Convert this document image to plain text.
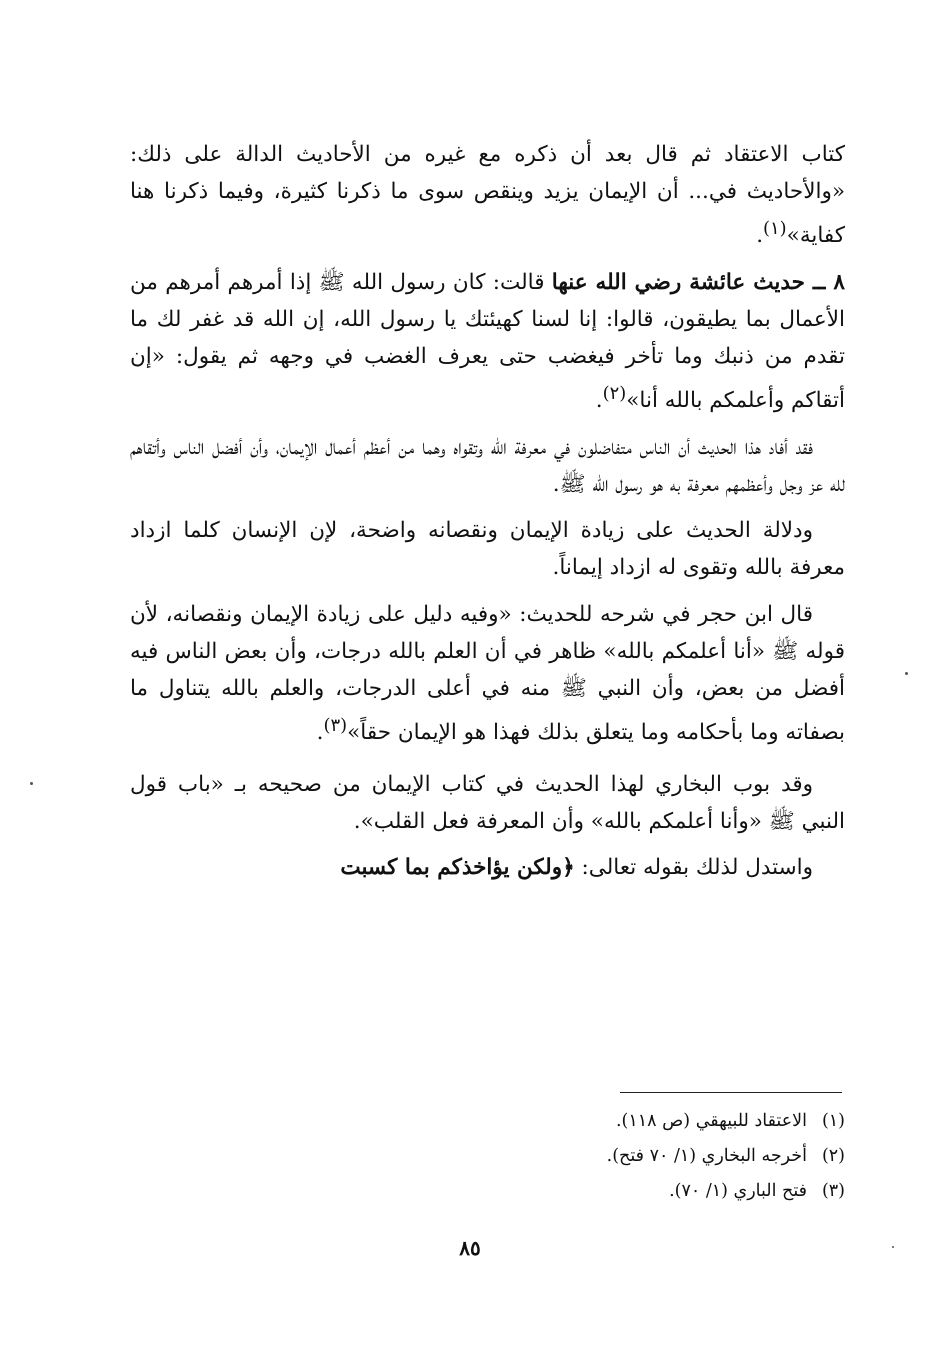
كتاب الاعتقاد ثم قال بعد أن ذكره مع غيره من الأحاديث الدالة على ذلك: «والأحاديث في... أن الإيمان يزيد وينقص سوى ما ذكرنا كثيرة، وفيما ذكرنا هنا كفاية»$^{(١)}$.

٨ ــ حديث عائشة رضي الله عنها قالت: كان رسول الله ﷺ إذا أمرهم أمرهم من الأعمال بما يطيقون، قالوا: إنا لسنا كهيئتك يا رسول الله، إن الله قد غفر لك ما تقدم من ذنبك وما تأخر فيغضب حتى يعرف الغضب في وجهه ثم يقول: «إن أتقاكم وأعلمكم بالله أنا»$^{(٢)}$.

فقد أفاد هذا الحديث أن الناس متفاضلون في معرفة الله وتقواه وهما من أعظم أعمال الإيمان، وأن أفضل الناس وأتقاهم لله عز وجل وأعظمهم معرفة به هو رسول الله ﷺ.

ودلالة الحديث على زيادة الإيمان ونقصانه واضحة، لإن الإنسان كلما ازداد معرفة بالله وتقوى له ازداد إيماناً.

قال ابن حجر في شرحه للحديث: «وفيه دليل على زيادة الإيمان ونقصانه، لأن قوله ﷺ «أنا أعلمكم بالله» ظاهر في أن العلم بالله درجات، وأن بعض الناس فيه أفضل من بعض، وأن النبي ﷺ منه في أعلى الدرجات، والعلم بالله يتناول ما بصفاته وما بأحكامه وما يتعلق بذلك فهذا هو الإيمان حقاً»$^{(٣)}$.

وقد بوب البخاري لهذا الحديث في كتاب الإيمان من صحيحه بـ «باب قول النبي ﷺ «وأنا أعلمكم بالله» وأن المعرفة فعل القلب».

واستدل لذلك بقوله تعالى: ﴿ولكن يؤاخذكم بما كسبت

(١)الاعتقاد للبيهقي (ص ١١٨).
(٢)أخرجه البخاري (١/ ٧٠ فتح).
(٣)فتح الباري (١/ ٧٠).
٨٥
